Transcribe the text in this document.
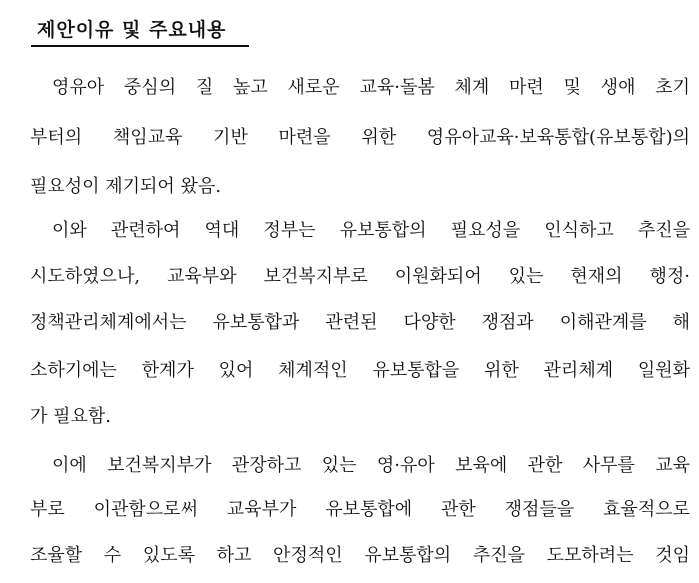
제안이유 및 주요내용
영유아 중심의 질 높고 새로운 교육·돌봄 체계 마련 및 생애 초기
부터의 책임교육 기반 마련을 위한 영유아교육·보육통합(유보통합)의
필요성이 제기되어 왔음.
이와 관련하여 역대 정부는 유보통합의 필요성을 인식하고 추진을
시도하였으나, 교육부와 보건복지부로 이원화되어 있는 현재의 행정·
정책관리체계에서는 유보통합과 관련된 다양한 쟁점과 이해관계를 해
소하기에는 한계가 있어 체계적인 유보통합을 위한 관리체계 일원화
가 필요함.
이에 보건복지부가 관장하고 있는 영·유아 보육에 관한 사무를 교육
부로 이관함으로써 교육부가 유보통합에 관한 쟁점들을 효율적으로
조율할 수 있도록 하고 안정적인 유보통합의 추진을 도모하려는 것임
